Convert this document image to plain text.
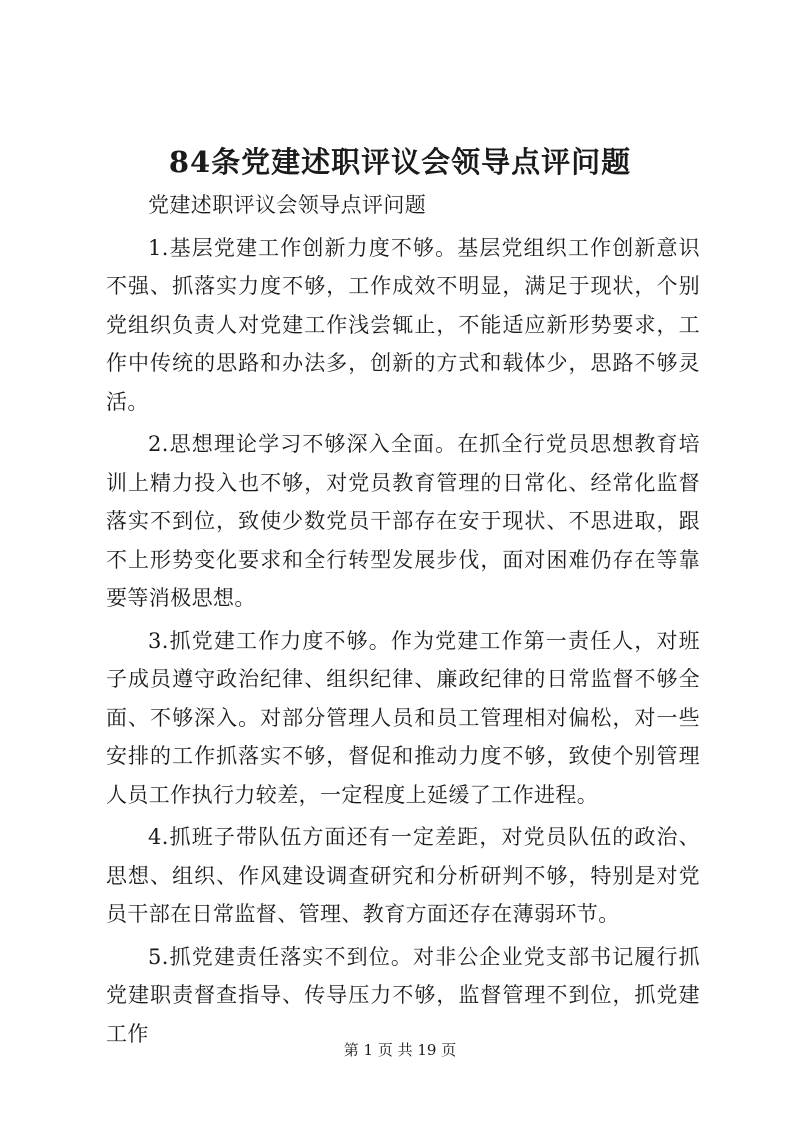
84条党建述职评议会领导点评问题

党建述职评议会领导点评问题

1.基层党建工作创新力度不够。基层党组织工作创新意识不强、抓落实力度不够，工作成效不明显，满足于现状，个别党组织负责人对党建工作浅尝辄止，不能适应新形势要求，工作中传统的思路和办法多，创新的方式和载体少，思路不够灵活。

2.思想理论学习不够深入全面。在抓全行党员思想教育培训上精力投入也不够，对党员教育管理的日常化、经常化监督落实不到位，致使少数党员干部存在安于现状、不思进取，跟不上形势变化要求和全行转型发展步伐，面对困难仍存在等靠要等消极思想。

3.抓党建工作力度不够。作为党建工作第一责任人，对班子成员遵守政治纪律、组织纪律、廉政纪律的日常监督不够全面、不够深入。对部分管理人员和员工管理相对偏松，对一些安排的工作抓落实不够，督促和推动力度不够，致使个别管理人员工作执行力较差，一定程度上延缓了工作进程。

4.抓班子带队伍方面还有一定差距，对党员队伍的政治、思想、组织、作风建设调查研究和分析研判不够，特别是对党员干部在日常监督、管理、教育方面还存在薄弱环节。

5.抓党建责任落实不到位。对非公企业党支部书记履行抓党建职责督查指导、传导压力不够，监督管理不到位，抓党建工作

第 1 页 共 19 页
